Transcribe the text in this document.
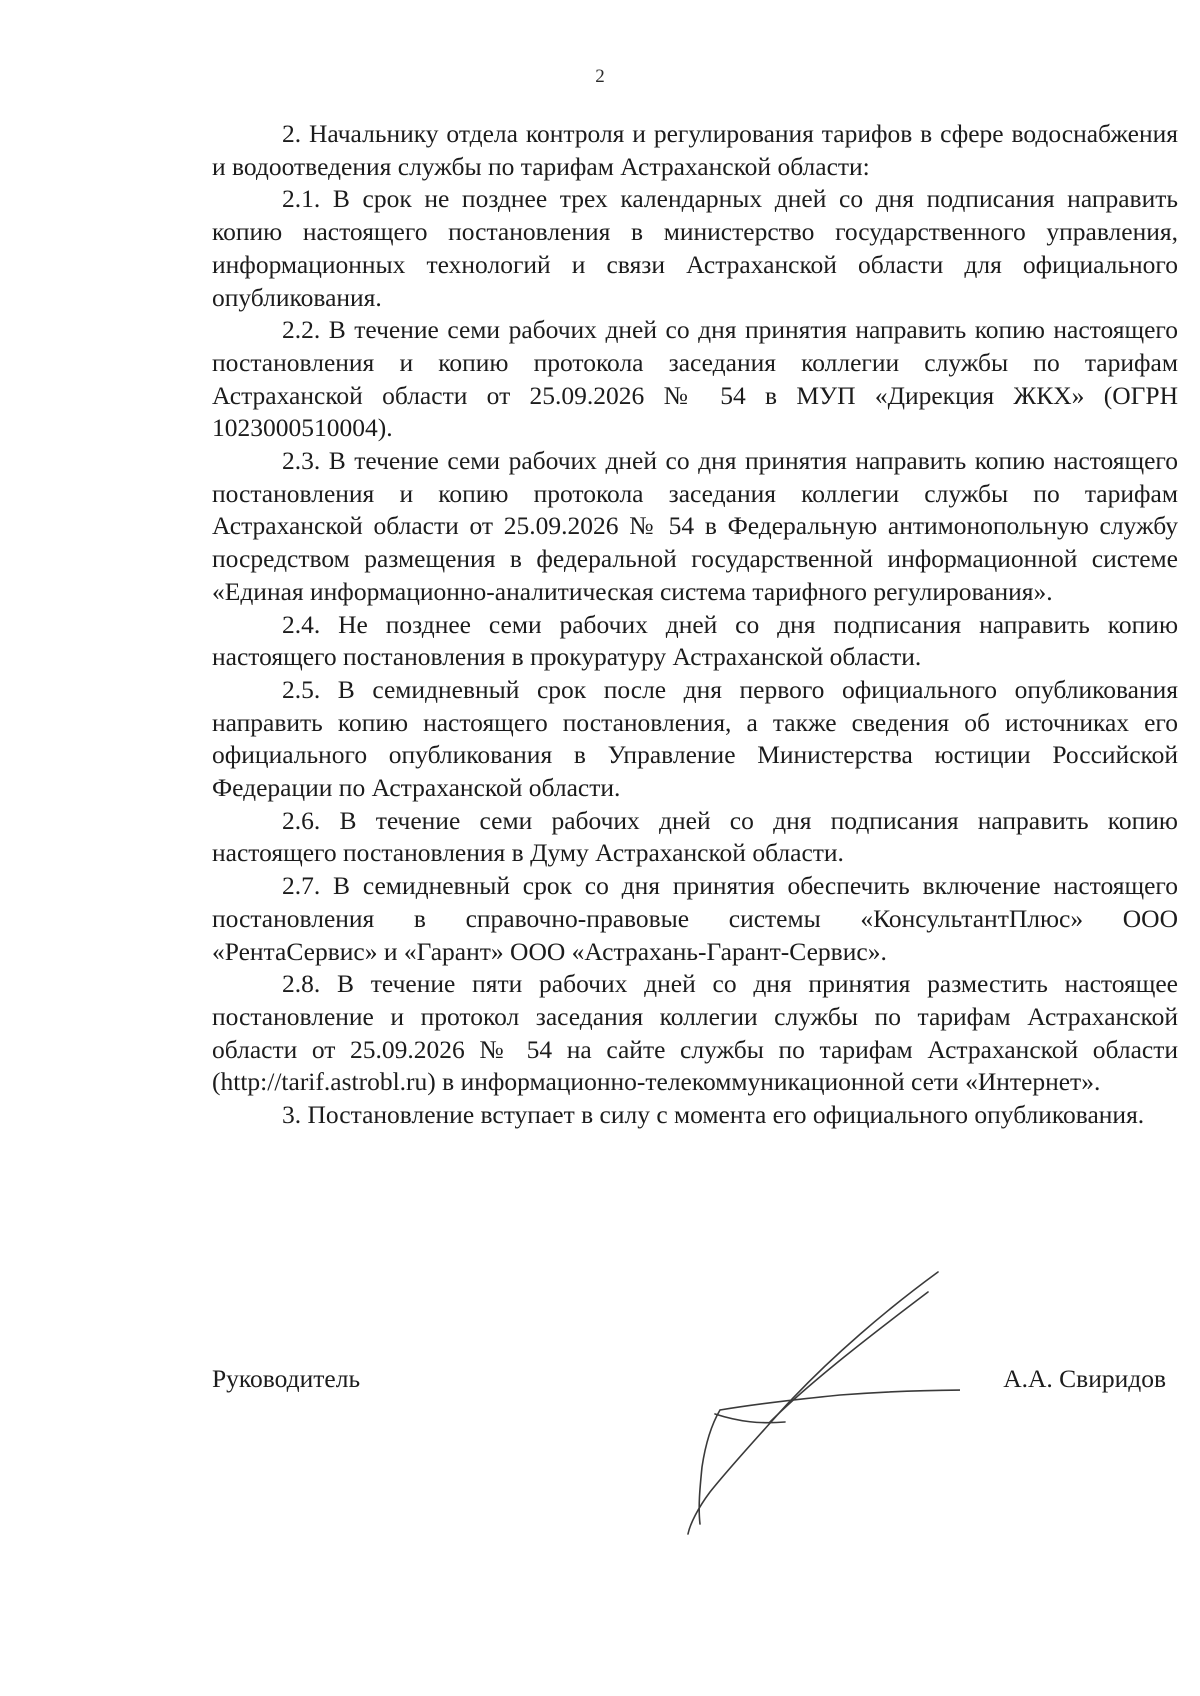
2

2. Начальнику отдела контроля и регулирования тарифов в сфере водоснабжения и водоотведения службы по тарифам Астраханской области:

2.1. В срок не позднее трех календарных дней со дня подписания направить копию настоящего постановления в министерство государственного управления, информационных технологий и связи Астраханской области для официального опубликования.

2.2. В течение семи рабочих дней со дня принятия направить копию настоящего постановления и копию протокола заседания коллегии службы по тарифам Астраханской области от 25.09.2026 № 54 в МУП «Дирекция ЖКХ» (ОГРН 1023000510004).

2.3. В течение семи рабочих дней со дня принятия направить копию настоящего постановления и копию протокола заседания коллегии службы по тарифам Астраханской области от 25.09.2026 № 54 в Федеральную антимонопольную службу посредством размещения в федеральной государственной информационной системе «Единая информационно-аналитическая система тарифного регулирования».

2.4. Не позднее семи рабочих дней со дня подписания направить копию настоящего постановления в прокуратуру Астраханской области.

2.5. В семидневный срок после дня первого официального опубликования направить копию настоящего постановления, а также сведения об источниках его официального опубликования в Управление Министерства юстиции Российской Федерации по Астраханской области.

2.6. В течение семи рабочих дней со дня подписания направить копию настоящего постановления в Думу Астраханской области.

2.7. В семидневный срок со дня принятия обеспечить включение настоящего постановления в справочно-правовые системы «КонсультантПлюс» ООО «РентаСервис» и «Гарант» ООО «Астрахань-Гарант-Сервис».

2.8. В течение пяти рабочих дней со дня принятия разместить настоящее постановление и протокол заседания коллегии службы по тарифам Астраханской области от 25.09.2026 № 54 на сайте службы по тарифам Астраханской области (http://tarif.astrobl.ru) в информационно-телекоммуникационной сети «Интернет».

3. Постановление вступает в силу с момента его официального опубликования.

Руководитель	А.А. Свиридов
